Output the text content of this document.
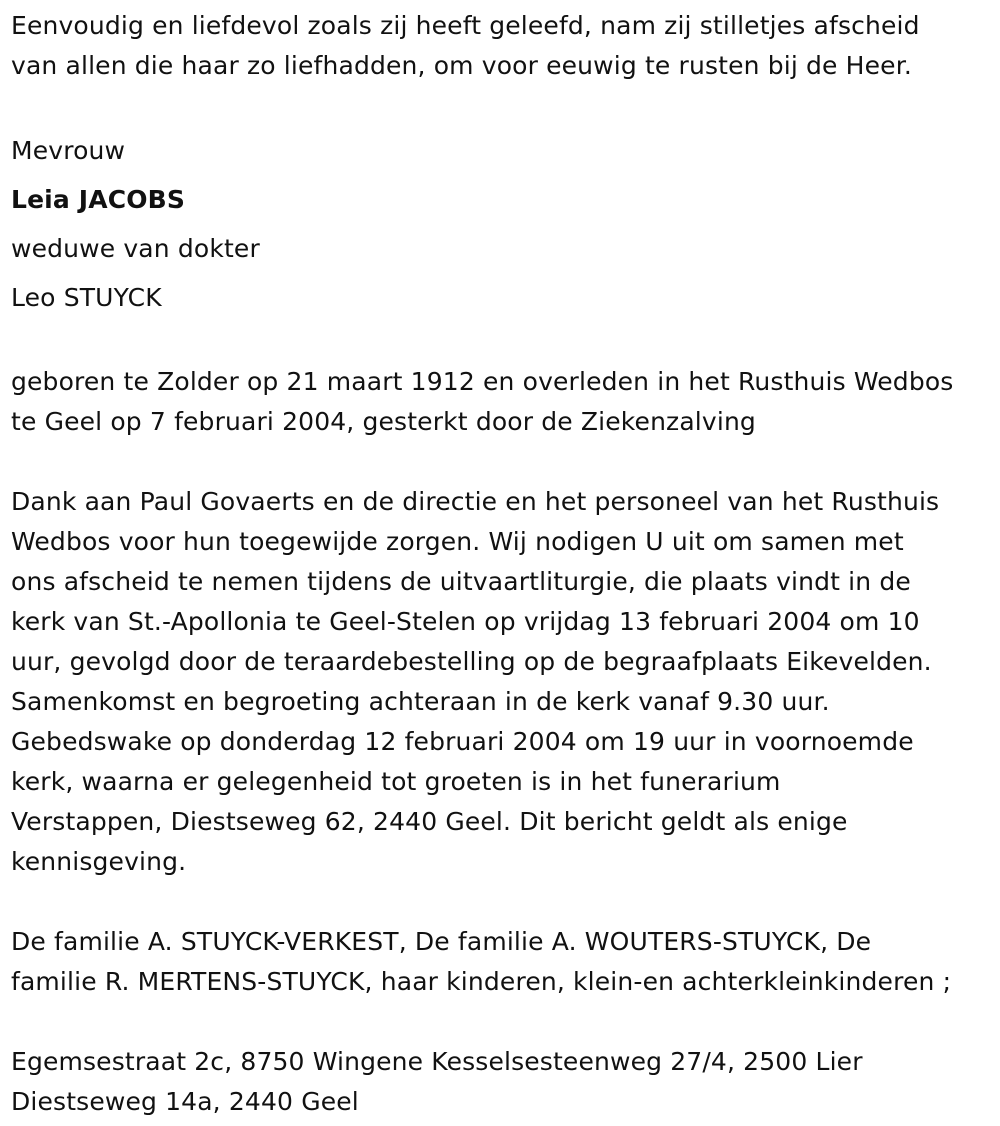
Eenvoudig en liefdevol zoals zij heeft geleefd, nam zij stilletjes afscheid
van allen die haar zo liefhadden, om voor eeuwig te rusten bij de Heer.

Mevrouw

Leia JACOBS

weduwe van dokter

Leo STUYCK

geboren te Zolder op 21 maart 1912 en overleden in het Rusthuis Wedbos
te Geel op 7 februari 2004, gesterkt door de Ziekenzalving

Dank aan Paul Govaerts en de directie en het personeel van het Rusthuis
Wedbos voor hun toegewijde zorgen. Wij nodigen U uit om samen met
ons afscheid te nemen tijdens de uitvaartliturgie, die plaats vindt in de
kerk van St.-Apollonia te Geel-Stelen op vrijdag 13 februari 2004 om 10
uur, gevolgd door de teraardebestelling op de begraafplaats Eikevelden.
Samenkomst en begroeting achteraan in de kerk vanaf 9.30 uur.
Gebedswake op donderdag 12 februari 2004 om 19 uur in voornoemde
kerk, waarna er gelegenheid tot groeten is in het funerarium
Verstappen, Diestseweg 62, 2440 Geel. Dit bericht geldt als enige
kennisgeving.

De familie A. STUYCK-VERKEST, De familie A. WOUTERS-STUYCK, De
familie R. MERTENS-STUYCK, haar kinderen, klein-en achterkleinkinderen ;

Egemsestraat 2c, 8750 Wingene Kesselsesteenweg 27/4, 2500 Lier
Diestseweg 14a, 2440 Geel
